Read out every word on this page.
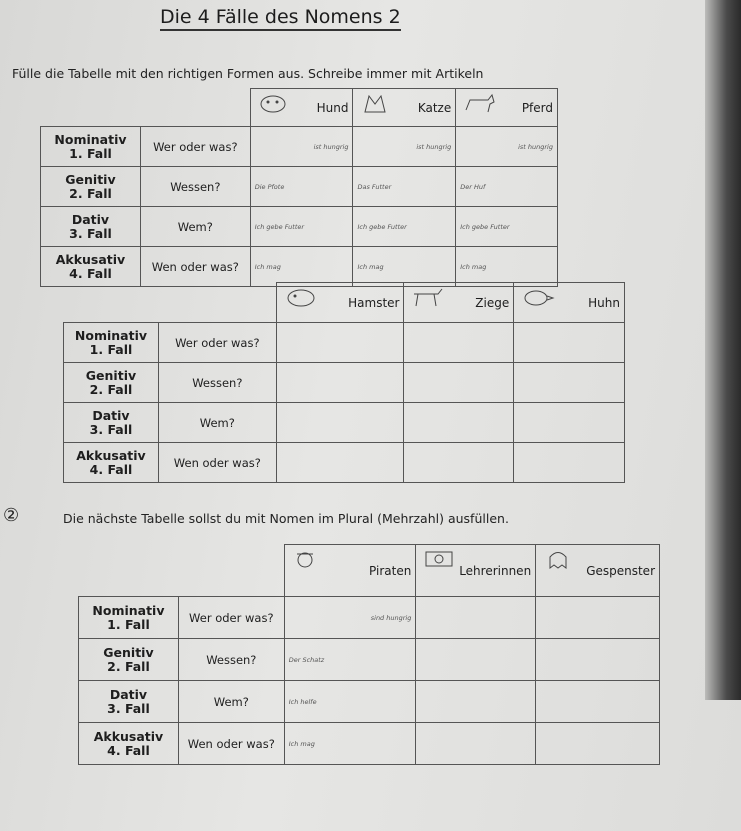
Die 4 Fälle des Nomens 2
Fülle die Tabelle mit den richtigen Formen aus. Schreibe immer mit Artikeln

Hund	Katze	Pferd
Nominativ
1. Fall	Wer oder was?	ist hungrig	ist hungrig	ist hungrig
Genitiv
2. Fall	Wessen?	Die Pfote	Das Futter	Der Huf
Dativ
3. Fall	Wem?	Ich gebe Futter	Ich gebe Futter	Ich gebe Futter
Akkusativ
4. Fall	Wen oder was?	Ich mag	Ich mag	Ich mag

Hamster	Ziege	Huhn
Nominativ
1. Fall	Wer oder was?			
Genitiv
2. Fall	Wessen?			
Dativ
3. Fall	Wem?			
Akkusativ
4. Fall	Wen oder was?			
②	Die nächste Tabelle sollst du mit Nomen im Plural (Mehrzahl) ausfüllen.

Piraten	Lehrerinnen	Gespenster
Nominativ
1. Fall	Wer oder was?	sind hungrig		
Genitiv
2. Fall	Wessen?	Der Schatz		
Dativ
3. Fall	Wem?	Ich helfe		
Akkusativ
4. Fall	Wen oder was?	Ich mag		
